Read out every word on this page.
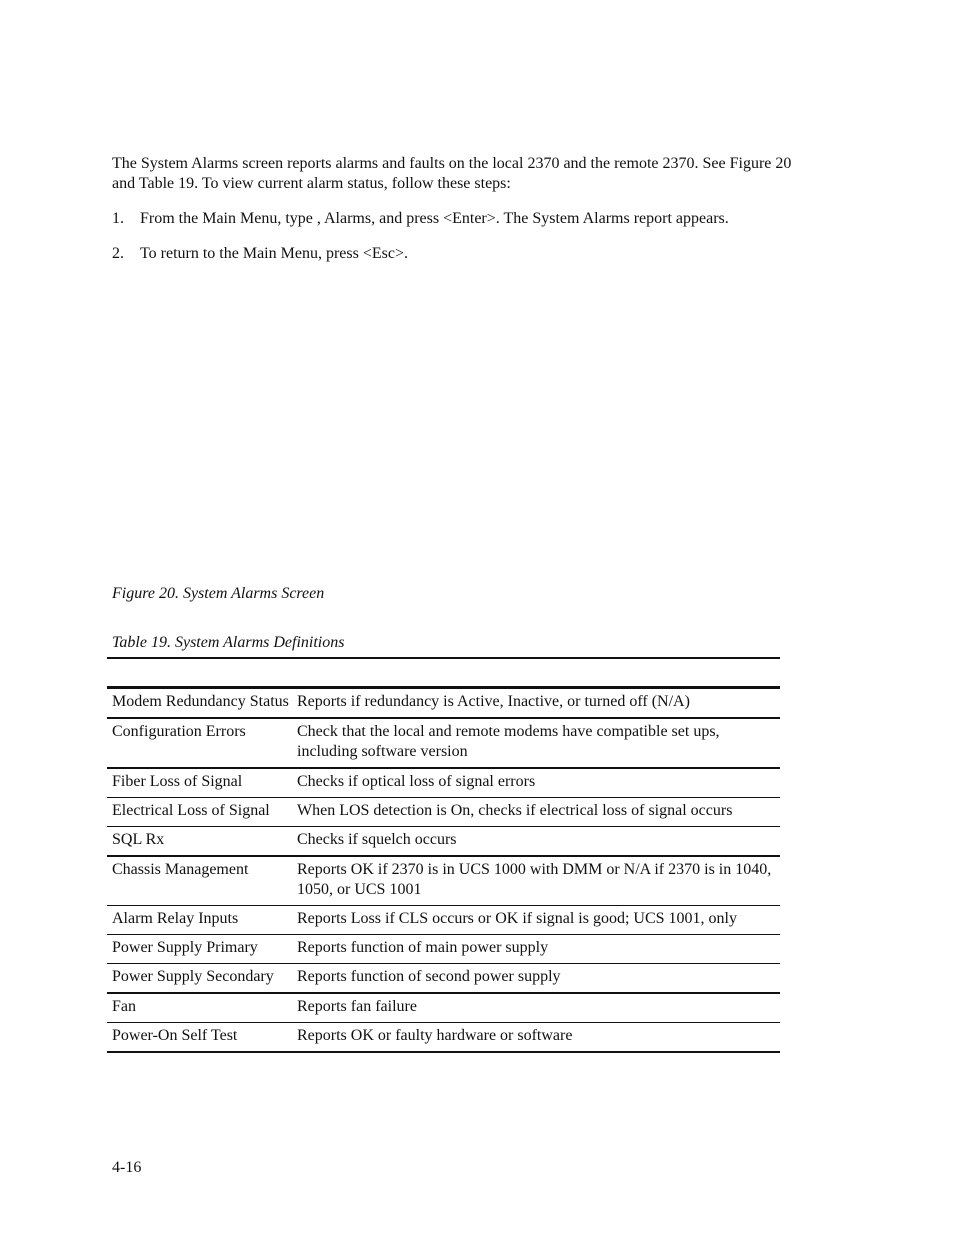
The System Alarms screen reports alarms and faults on the local 2370 and the remote 2370. See Figure 20 and Table 19. To view current alarm status, follow these steps:

1. From the Main Menu, type , Alarms, and press <Enter>. The System Alarms report appears.

2. To return to the Main Menu, press <Esc>.

Figure 20. System Alarms Screen

Table 19. System Alarms Definitions

Modem Redundancy Status	Reports if redundancy is Active, Inactive, or turned off (N/A)
Configuration Errors	Check that the local and remote modems have compatible set ups, including software version
Fiber Loss of Signal	Checks if optical loss of signal errors
Electrical Loss of Signal	When LOS detection is On, checks if electrical loss of signal occurs
SQL Rx	Checks if squelch occurs
Chassis Management	Reports OK if 2370 is in UCS 1000 with DMM or N/A if 2370 is in 1040, 1050, or UCS 1001
Alarm Relay Inputs	Reports Loss if CLS occurs or OK if signal is good; UCS 1001, only
Power Supply Primary	Reports function of main power supply
Power Supply Secondary	Reports function of second power supply
Fan	Reports fan failure
Power-On Self Test	Reports OK or faulty hardware or software

4-16
